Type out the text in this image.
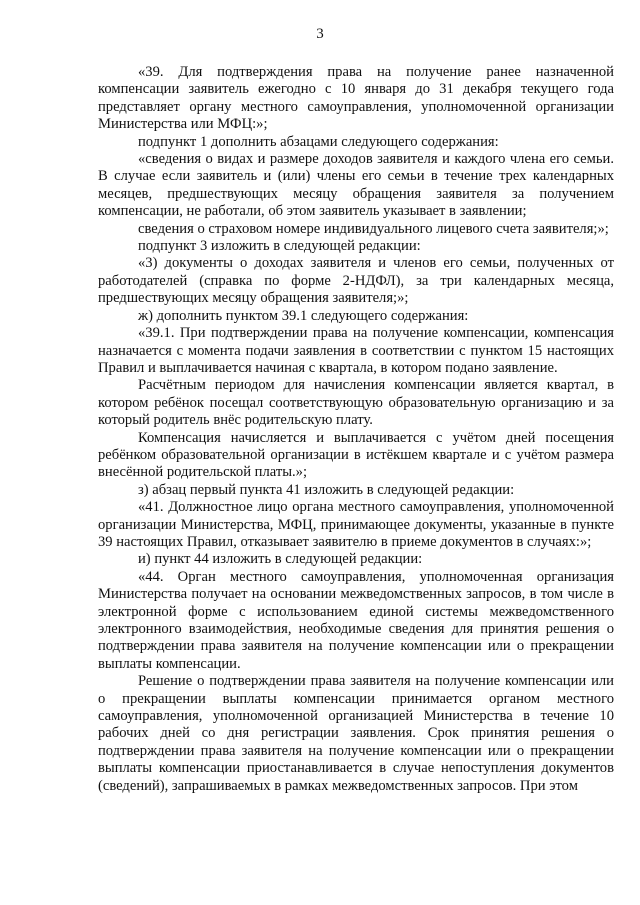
3

«39. Для подтверждения права на получение ранее назначенной компенсации заявитель ежегодно с 10 января до 31 декабря текущего года представляет органу местного самоуправления, уполномоченной организации Министерства или МФЦ:»;

подпункт 1 дополнить абзацами следующего содержания:

«сведения о видах и размере доходов заявителя и каждого члена его семьи. В случае если заявитель и (или) члены его семьи в течение трех календарных месяцев, предшествующих месяцу обращения заявителя за получением компенсации, не работали, об этом заявитель указывает в заявлении;

сведения о страховом номере индивидуального лицевого счета заявителя;»;

подпункт 3 изложить в следующей редакции:

«3) документы о доходах заявителя и членов его семьи, полученных от работодателей (справка по форме 2-НДФЛ), за три календарных месяца, предшествующих месяцу обращения заявителя;»;

ж) дополнить пунктом 39.1 следующего содержания:

«39.1. При подтверждении права на получение компенсации, компенсация назначается с момента подачи заявления в соответствии с пунктом 15 настоящих Правил и выплачивается начиная с квартала, в котором подано заявление.

Расчётным периодом для начисления компенсации является квартал, в котором ребёнок посещал соответствующую образовательную организацию и за который родитель внёс родительскую плату.

Компенсация начисляется и выплачивается с учётом дней посещения ребёнком образовательной организации в истёкшем квартале и с учётом размера внесённой родительской платы.»;

з) абзац первый пункта 41 изложить в следующей редакции:

«41. Должностное лицо органа местного самоуправления, уполномоченной организации Министерства, МФЦ, принимающее документы, указанные в пункте 39 настоящих Правил, отказывает заявителю в приеме документов в случаях:»;

и) пункт 44 изложить в следующей редакции:

«44. Орган местного самоуправления, уполномоченная организация Министерства получает на основании межведомственных запросов, в том числе в электронной форме с использованием единой системы межведомственного электронного взаимодействия, необходимые сведения для принятия решения о подтверждении права заявителя на получение компенсации или о прекращении выплаты компенсации.

Решение о подтверждении права заявителя на получение компенсации или о прекращении выплаты компенсации принимается органом местного самоуправления, уполномоченной организацией Министерства в течение 10 рабочих дней со дня регистрации заявления. Срок принятия решения о подтверждении права заявителя на получение компенсации или о прекращении выплаты компенсации приостанавливается в случае непоступления документов (сведений), запрашиваемых в рамках межведомственных запросов. При этом
